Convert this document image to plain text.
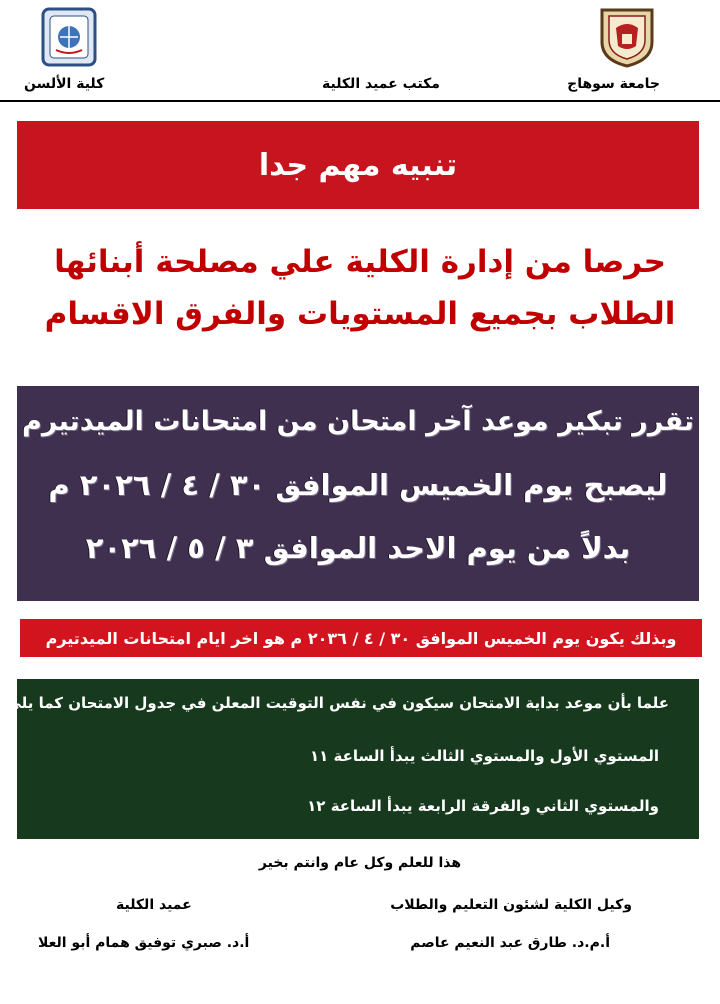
جامعة سوهاج
مكتب عميد الكلية
كلية الألسن
تنبيه مهم جدا
حرصا من إدارة الكلية علي مصلحة أبنائها
الطلاب بجميع المستويات والفرق الاقسام
تقرر تبكير موعد آخر امتحان من امتحانات الميدتيرم
ليصبح يوم الخميس الموافق ٣٠ / ٤ / ٢٠٢٦ م
بدلاً من يوم الاحد الموافق ٣ / ٥ / ٢٠٢٦
وبذلك يكون يوم الخميس الموافق ٣٠ / ٤ / ٢٠٣٦ م هو اخر ايام امتحانات الميدتيرم
علما بأن موعد بداية الامتحان سيكون في نفس التوقيت المعلن في جدول الامتحان كما يلي
المستوي الأول والمستوي الثالث يبدأ الساعة ١١
والمستوي الثاني والفرقة الرابعة يبدأ الساعة ١٢
هذا للعلم وكل عام وانتم بخير
وكيل الكلية لشئون التعليم والطلاب
أ.م.د. طارق عبد النعيم عاصم
عميد الكلية
أ.د. صبري توفيق همام أبو العلا
